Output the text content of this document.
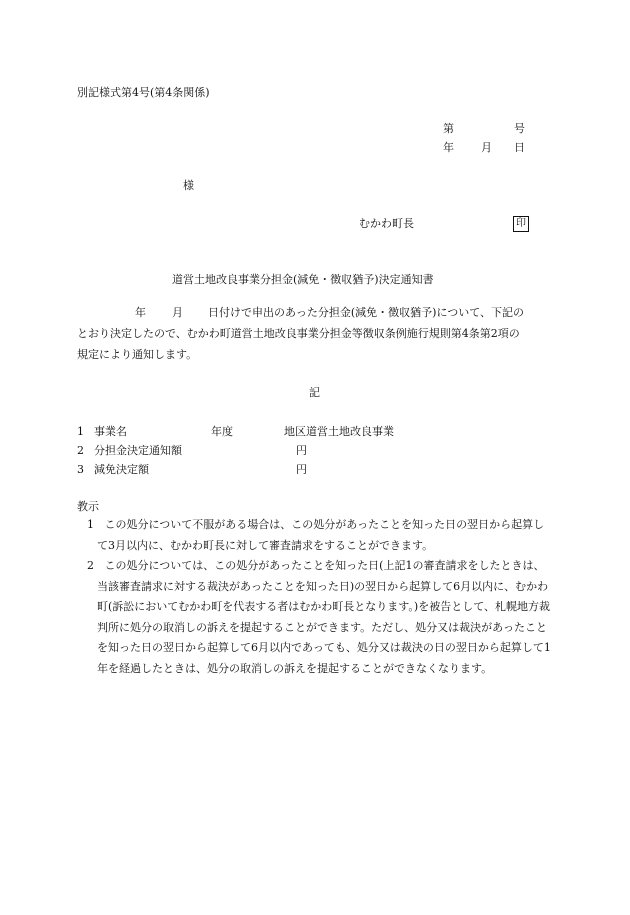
別記様式第4号(第4条関係)
第	号
年 月 日
様
むかわ町長	印
道営土地改良事業分担金(減免・徴収猶予)決定通知書
年 月 日付けで申出のあった分担金(減免・徴収猶予)について、下記の
とおり決定したので、むかわ町道営土地改良事業分担金等徴収条例施行規則第4条第2項の
規定により通知します。
記
1 事業名	年度	地区道営土地改良事業
2 分担金決定通知額	円
3 減免決定額	円
教示
1 この処分について不服がある場合は、この処分があったことを知った日の翌日から起算して3月以内に、むかわ町長に対して審査請求をすることができます。
2 この処分については、この処分があったことを知った日(上記1の審査請求をしたときは、当該審査請求に対する裁決があったことを知った日)の翌日から起算して6月以内に、むかわ町(訴訟においてむかわ町を代表する者はむかわ町長となります。)を被告として、札幌地方裁判所に処分の取消しの訴えを提起することができます。ただし、処分又は裁決があったことを知った日の翌日から起算して6月以内であっても、処分又は裁決の日の翌日から起算して1年を経過したときは、処分の取消しの訴えを提起することができなくなります。
